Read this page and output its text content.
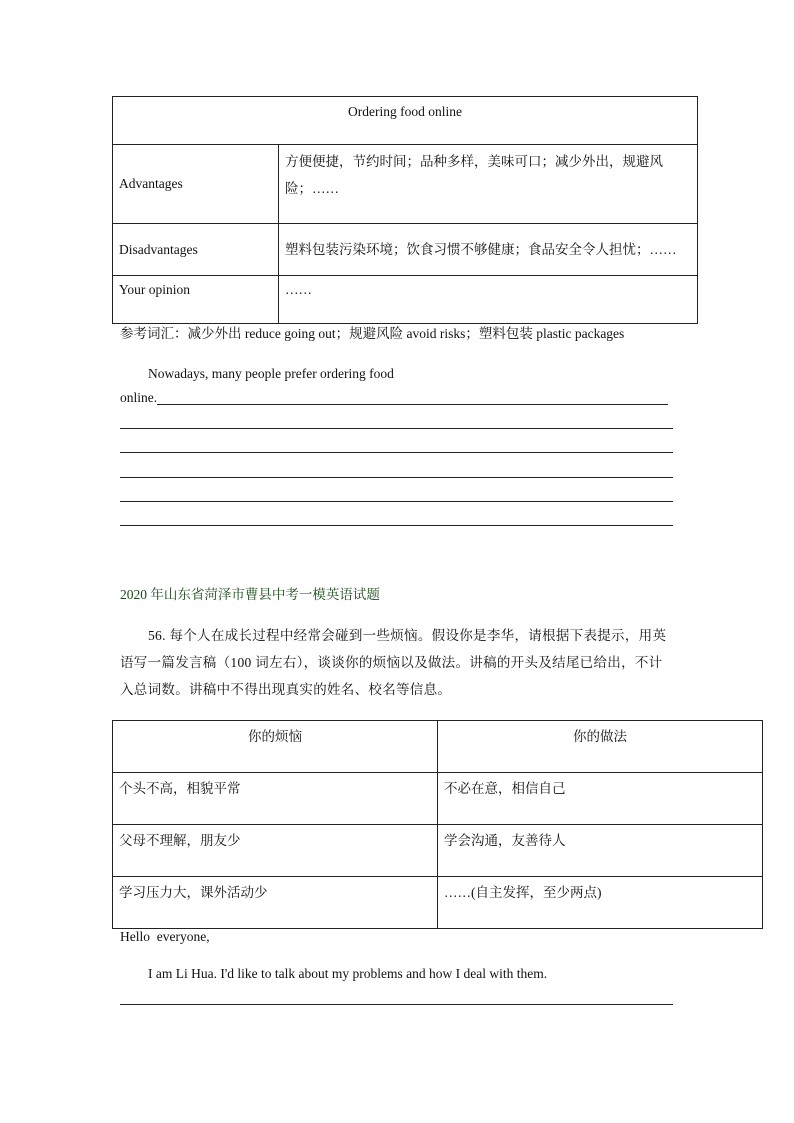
Ordering food online	

Advantages	方便便捷，节约时间；品种多样，美味可口；减少外出，规避风险；……

Disadvantages	塑料包装污染环境；饮食习惯不够健康；食品安全令人担忧；……

Your opinion	……
参考词汇：减少外出 reduce going out；规避风险 avoid risks；塑料包装 plastic packages
Nowadays, many people prefer ordering food
online.
2020 年山东省菏泽市曹县中考一模英语试题
56. 每个人在成长过程中经常会碰到一些烦恼。假设你是李华，请根据下表提示，用英
语写一篇发言稿（100 词左右），谈谈你的烦恼以及做法。讲稿的开头及结尾已给出，不计
入总词数。讲稿中不得出现真实的姓名、校名等信息。
你的烦恼	你的做法

个头不高，相貌平常	不必在意，相信自己

父母不理解，朋友少	学会沟通，友善待人

学习压力大，课外活动少	……(自主发挥，至少两点)
Hello  everyone,
I am Li Hua. I'd like to talk about my problems and how I deal with them.
